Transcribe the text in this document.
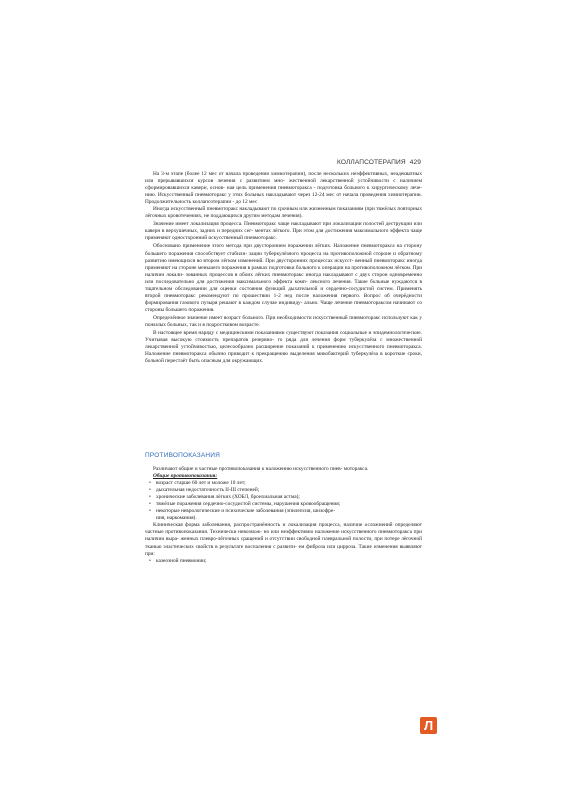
КОЛЛАПСОТЕРАПИЯ 429

На 3-м этапе (более 12 мес от начала проведения химиотерапии), после нескольких неэффективных, неадекватных или прерывавшихся курсов лечения с развитием мно- жественной лекарственной устойчивости с наличием сформировавшихся каверн, основ- ная цель применения пневмоторакса - подготовка больного к хирургическому лече- нию. Искусственный пневмоторакс у этих больных накладывают через 12-24 мес от начала проведения химиотерапии. Продолжительность коллапсотерапии - до 12 мес

Иногда искусственный пневмоторакс накладывают по срочным или жизненным показаниям (при тяжёлых повторных лёгочных кровотечениях, не поддающихся другим методам лечения).

Значение имеет локализация процесса. Пневмоторакс чаще накладывают при локализации полостей деструкции или каверн в верхушечных, задних и передних сег- ментах лёгкого. При этом для достижения максимального эффекта чаще применяют односторонний искусственный пневмоторакс.

Обосновано применение этого метода при двусторонием поражении лёгких. Наложение пневмоторакса на сторону большего поражения способствует стабили- зации туберкулёзного процесса на противоположной стороне и обратному развитию имеющихся во втором лёгком изменений. При двусторонних процессах искусст- венный пневмоторакс иногда применяют на стороне меньшего поражения в рамках подготовки больного к операции на противоположном лёгком. При наличии локали- зованных процессов в обоих лёгких пневмоторакс иногда накладывают с двух сторон одновременно или последовательно для достижения максимального эффекта комп- лексного лечения. Такие больные нуждаются в тщательном обследовании для оценки состояния функций дыхательной и сердечно-сосудистой систем. Применять второй пневмоторакс рекомендуют по прошествии 1-2 нед после наложения первого. Вопрос об очерёдности формирования газового пузыря решают в каждом случае индивиду- ально. Чаще лечение пневмотораксом начинают со стороны большего поражения.

Определённое значение имеет возраст больного. При необходимости искусственный пневмоторакс используют как у пожилых больных, так и в подростковом возрасте.

В настоящее время наряду с медицинскими показаниями существуют показания социальные и эпидемиологические. Учитывая высокую стоимость препаратов резервно- го ряда для лечения форм туберкулёза с множественной лекарственной устойчивостью, целесообразно расширение показаний к применению искусственного пневмоторакса. Наложение пневмоторакса обычно приводит к прекращению выделения микобактерий туберкулёза в короткие сроки, больной перестаёт быть опасным для окружающих.

ПРОТИВОПОКАЗАНИЯ

Различают общие и частные противопоказания к наложению искусственного пнев- моторакса.

Общие противопоказания:
• возраст старше 60 лет и моложе 10 лет;
• дыхательная недостаточность II-III степеней;
• хронические заболевания лёгких (ХОБЛ, бронхиальная астма);
• тяжёлые поражения сердечно-сосудистой системы, нарушения кровообращения;
• некоторые неврологические и психические заболевания (эпилепсия, шизофре-
ния, наркомания).

Клиническая форма заболевания, распространённость и локализация процесса, наличие осложнений определяют частные противопоказания. Технически невозмож- но или неэффективно наложение искусственного пневмоторакса при наличии выра- женных плевро-лёгочных сращений и отсутствии свободной плевральной полости, при потере лёгочной тканью эластических свойств в результате воспаления с развити- ем фиброза или цирроза. Такие изменения выявляют при:

• казеозной пневмонии;
Л
